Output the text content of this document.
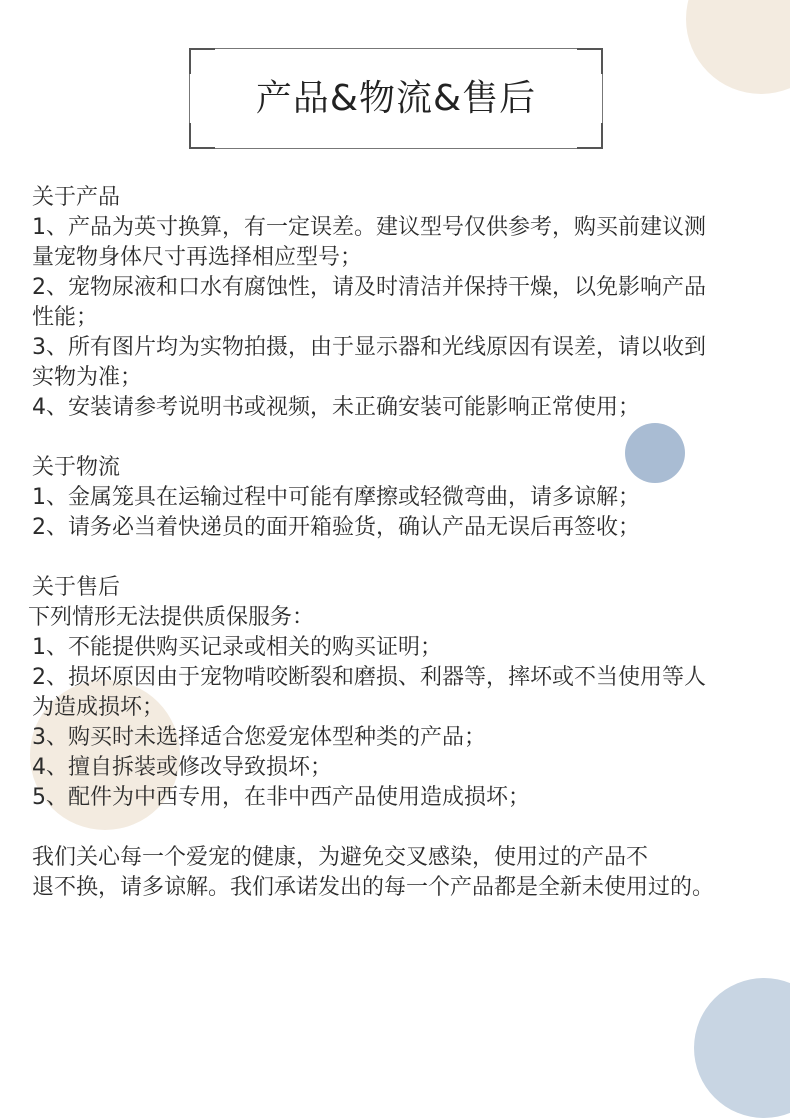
产品&物流&售后
关于产品
1、产品为英寸换算，有一定误差。建议型号仅供参考，购买前建议测
量宠物身体尺寸再选择相应型号；
2、宠物尿液和口水有腐蚀性，请及时清洁并保持干燥，以免影响产品
性能；
3、所有图片均为实物拍摄，由于显示器和光线原因有误差，请以收到
实物为准；
4、安装请参考说明书或视频，未正确安装可能影响正常使用；
关于物流
1、金属笼具在运输过程中可能有摩擦或轻微弯曲，请多谅解；
2、请务必当着快递员的面开箱验货，确认产品无误后再签收；
关于售后
下列情形无法提供质保服务：
1、不能提供购买记录或相关的购买证明；
2、损坏原因由于宠物啃咬断裂和磨损、利器等，摔坏或不当使用等人
为造成损坏；
3、购买时未选择适合您爱宠体型种类的产品；
4、擅自拆装或修改导致损坏；
5、配件为中西专用，在非中西产品使用造成损坏；
我们关心每一个爱宠的健康，为避免交叉感染，使用过的产品不
退不换，请多谅解。我们承诺发出的每一个产品都是全新未使用过的。
